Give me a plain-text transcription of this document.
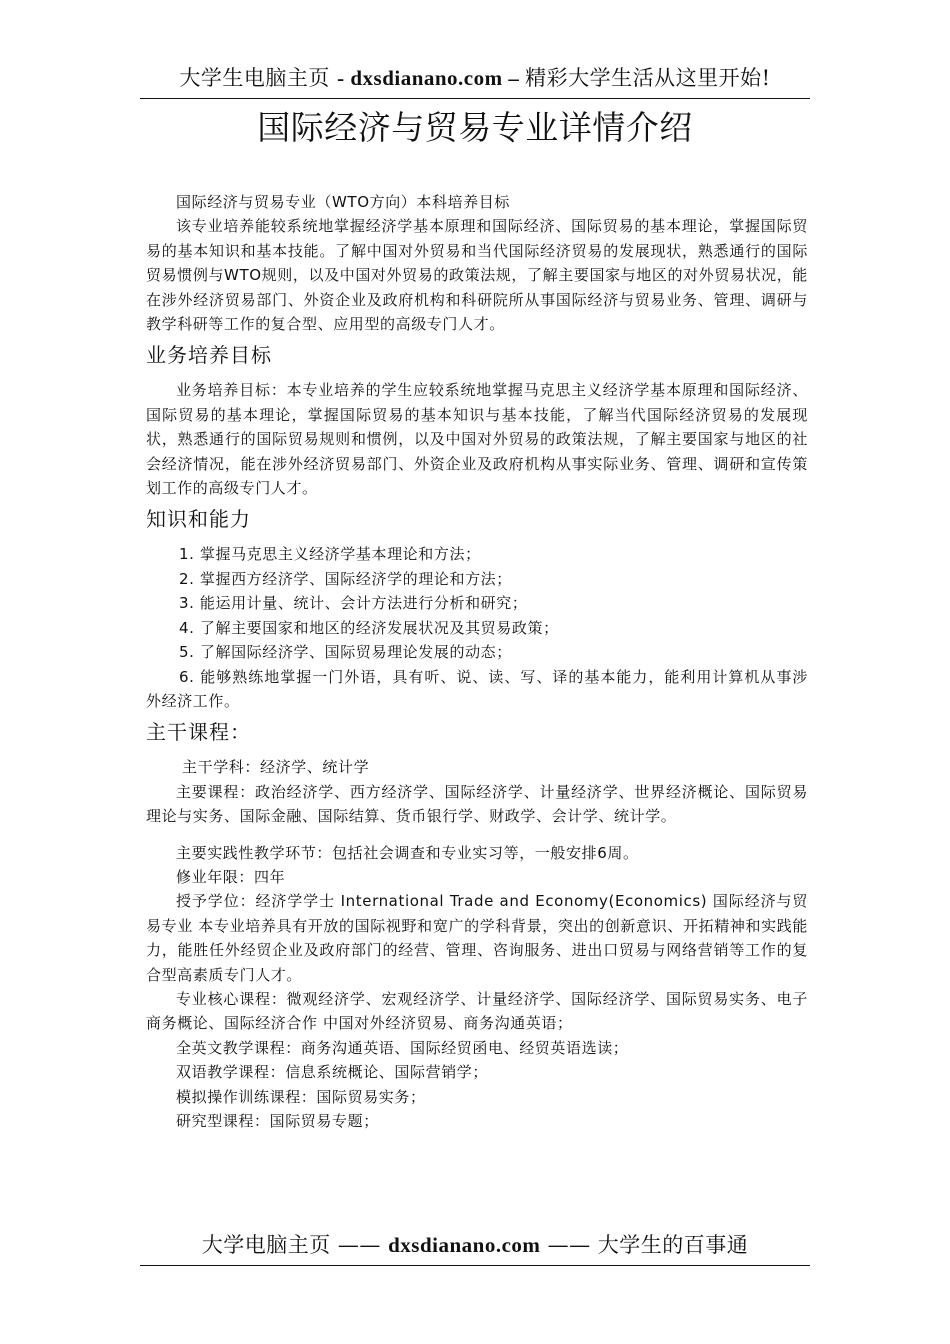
大学生电脑主页 - dxsdianano.com – 精彩大学生活从这里开始!
国际经济与贸易专业详情介绍

国际经济与贸易专业（WTO方向）本科培养目标

该专业培养能较系统地掌握经济学基本原理和国际经济、国际贸易的基本理论，掌握国际贸易的基本知识和基本技能。了解中国对外贸易和当代国际经济贸易的发展现状，熟悉通行的国际贸易惯例与WTO规则，以及中国对外贸易的政策法规，了解主要国家与地区的对外贸易状况，能在涉外经济贸易部门、外资企业及政府机构和科研院所从事国际经济与贸易业务、管理、调研与教学科研等工作的复合型、应用型的高级专门人才。

业务培养目标

业务培养目标：本专业培养的学生应较系统地掌握马克思主义经济学基本原理和国际经济、国际贸易的基本理论，掌握国际贸易的基本知识与基本技能，了解当代国际经济贸易的发展现状，熟悉通行的国际贸易规则和惯例，以及中国对外贸易的政策法规，了解主要国家与地区的社会经济情况，能在涉外经济贸易部门、外资企业及政府机构从事实际业务、管理、调研和宣传策划工作的高级专门人才。

知识和能力

1. 掌握马克思主义经济学基本理论和方法；

2. 掌握西方经济学、国际经济学的理论和方法；

3. 能运用计量、统计、会计方法进行分析和研究；

4. 了解主要国家和地区的经济发展状况及其贸易政策；

5. 了解国际经济学、国际贸易理论发展的动态；

6. 能够熟练地掌握一门外语，具有听、说、读、写、译的基本能力，能利用计算机从事涉外经济工作。

主干课程：

主干学科：经济学、统计学

主要课程：政治经济学、西方经济学、国际经济学、计量经济学、世界经济概论、国际贸易理论与实务、国际金融、国际结算、货币银行学、财政学、会计学、统计学。

主要实践性教学环节：包括社会调查和专业实习等，一般安排6周。

修业年限：四年

授予学位：经济学学士 International Trade and Economy(Economics) 国际经济与贸易专业 本专业培养具有开放的国际视野和宽广的学科背景，突出的创新意识、开拓精神和实践能力，能胜任外经贸企业及政府部门的经营、管理、咨询服务、进出口贸易与网络营销等工作的复合型高素质专门人才。

专业核心课程：微观经济学、宏观经济学、计量经济学、国际经济学、国际贸易实务、电子商务概论、国际经济合作 中国对外经济贸易、商务沟通英语；

全英文教学课程：商务沟通英语、国际经贸函电、经贸英语选读；

双语教学课程：信息系统概论、国际营销学；

模拟操作训练课程：国际贸易实务；

研究型课程：国际贸易专题；

大学电脑主页 —— dxsdianano.com —— 大学生的百事通
